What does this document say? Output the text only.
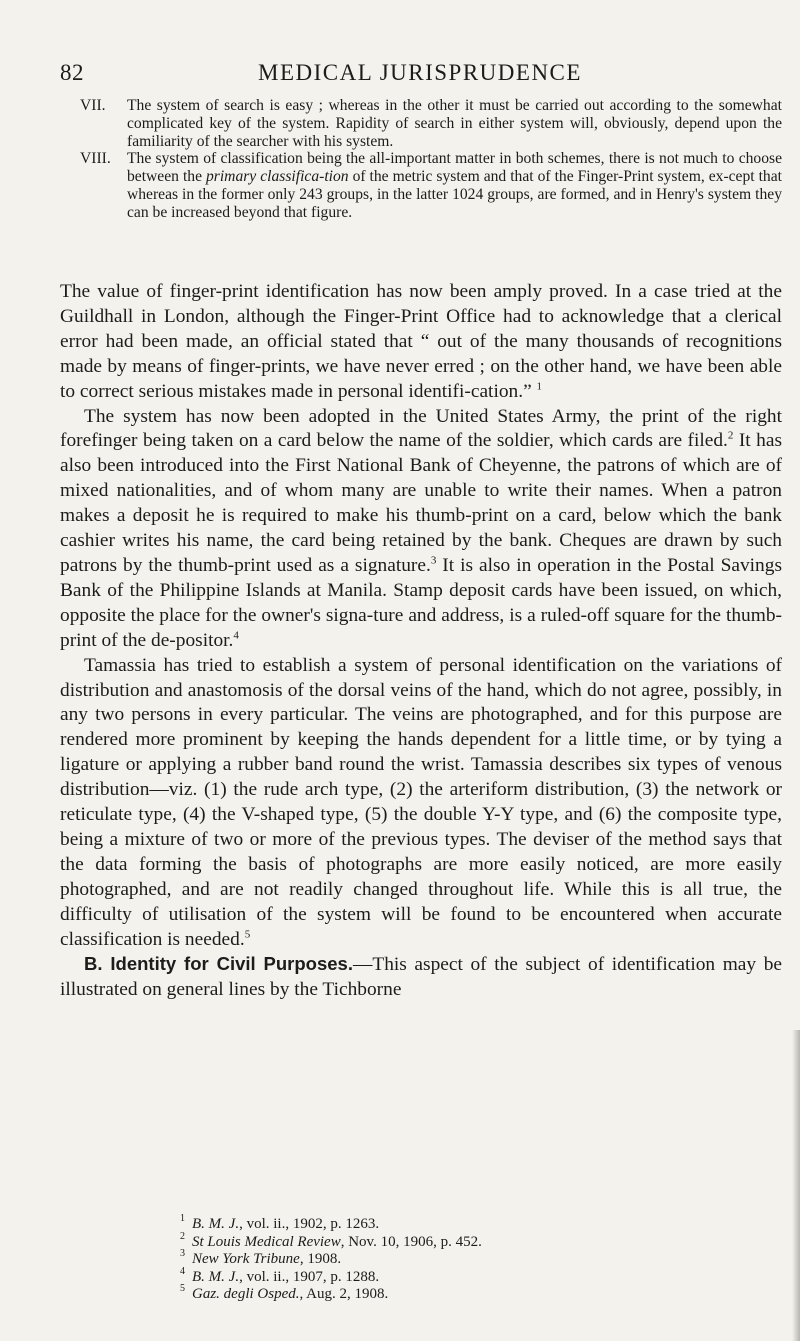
82	MEDICAL JURISPRUDENCE
VII. The system of search is easy ; whereas in the other it must be carried out according to the somewhat complicated key of the system. Rapidity of search in either system will, obviously, depend upon the familiarity of the searcher with his system.

VIII. The system of classification being the all-important matter in both schemes, there is not much to choose between the primary classifica-tion of the metric system and that of the Finger-Print system, ex-cept that whereas in the former only 243 groups, in the latter 1024 groups, are formed, and in Henry's system they can be increased beyond that figure.

The value of finger-print identification has now been amply proved. In a case tried at the Guildhall in London, although the Finger-Print Office had to acknowledge that a clerical error had been made, an official stated that “ out of the many thousands of recognitions made by means of finger-prints, we have never erred ; on the other hand, we have been able to correct serious mistakes made in personal identifi-cation.” $^1$

The system has now been adopted in the United States Army, the print of the right forefinger being taken on a card below the name of the soldier, which cards are filed.$^2$ It has also been introduced into the First National Bank of Cheyenne, the patrons of which are of mixed nationalities, and of whom many are unable to write their names. When a patron makes a deposit he is required to make his thumb-print on a card, below which the bank cashier writes his name, the card being retained by the bank. Cheques are drawn by such patrons by the thumb-print used as a signature.$^3$ It is also in operation in the Postal Savings Bank of the Philippine Islands at Manila. Stamp deposit cards have been issued, on which, opposite the place for the owner's signa-ture and address, is a ruled-off square for the thumb-print of the de-positor.$^4$

Tamassia has tried to establish a system of personal identification on the variations of distribution and anastomosis of the dorsal veins of the hand, which do not agree, possibly, in any two persons in every particular. The veins are photographed, and for this purpose are rendered more prominent by keeping the hands dependent for a little time, or by tying a ligature or applying a rubber band round the wrist. Tamassia describes six types of venous distribution—viz. (1) the rude arch type, (2) the arteriform distribution, (3) the network or reticulate type, (4) the V-shaped type, (5) the double Y-Y type, and (6) the composite type, being a mixture of two or more of the previous types. The deviser of the method says that the data forming the basis of photographs are more easily noticed, are more easily photographed, and are not readily changed throughout life. While this is all true, the difficulty of utilisation of the system will be found to be encountered when accurate classification is needed.$^5$

B. Identity for Civil Purposes.—This aspect of the subject of identification may be illustrated on general lines by the Tichborne

1 B. M. J., vol. ii., 1902, p. 1263.
2 St Louis Medical Review, Nov. 10, 1906, p. 452.
3 New York Tribune, 1908.
4 B. M. J., vol. ii., 1907, p. 1288.
5 Gaz. degli Osped., Aug. 2, 1908.
